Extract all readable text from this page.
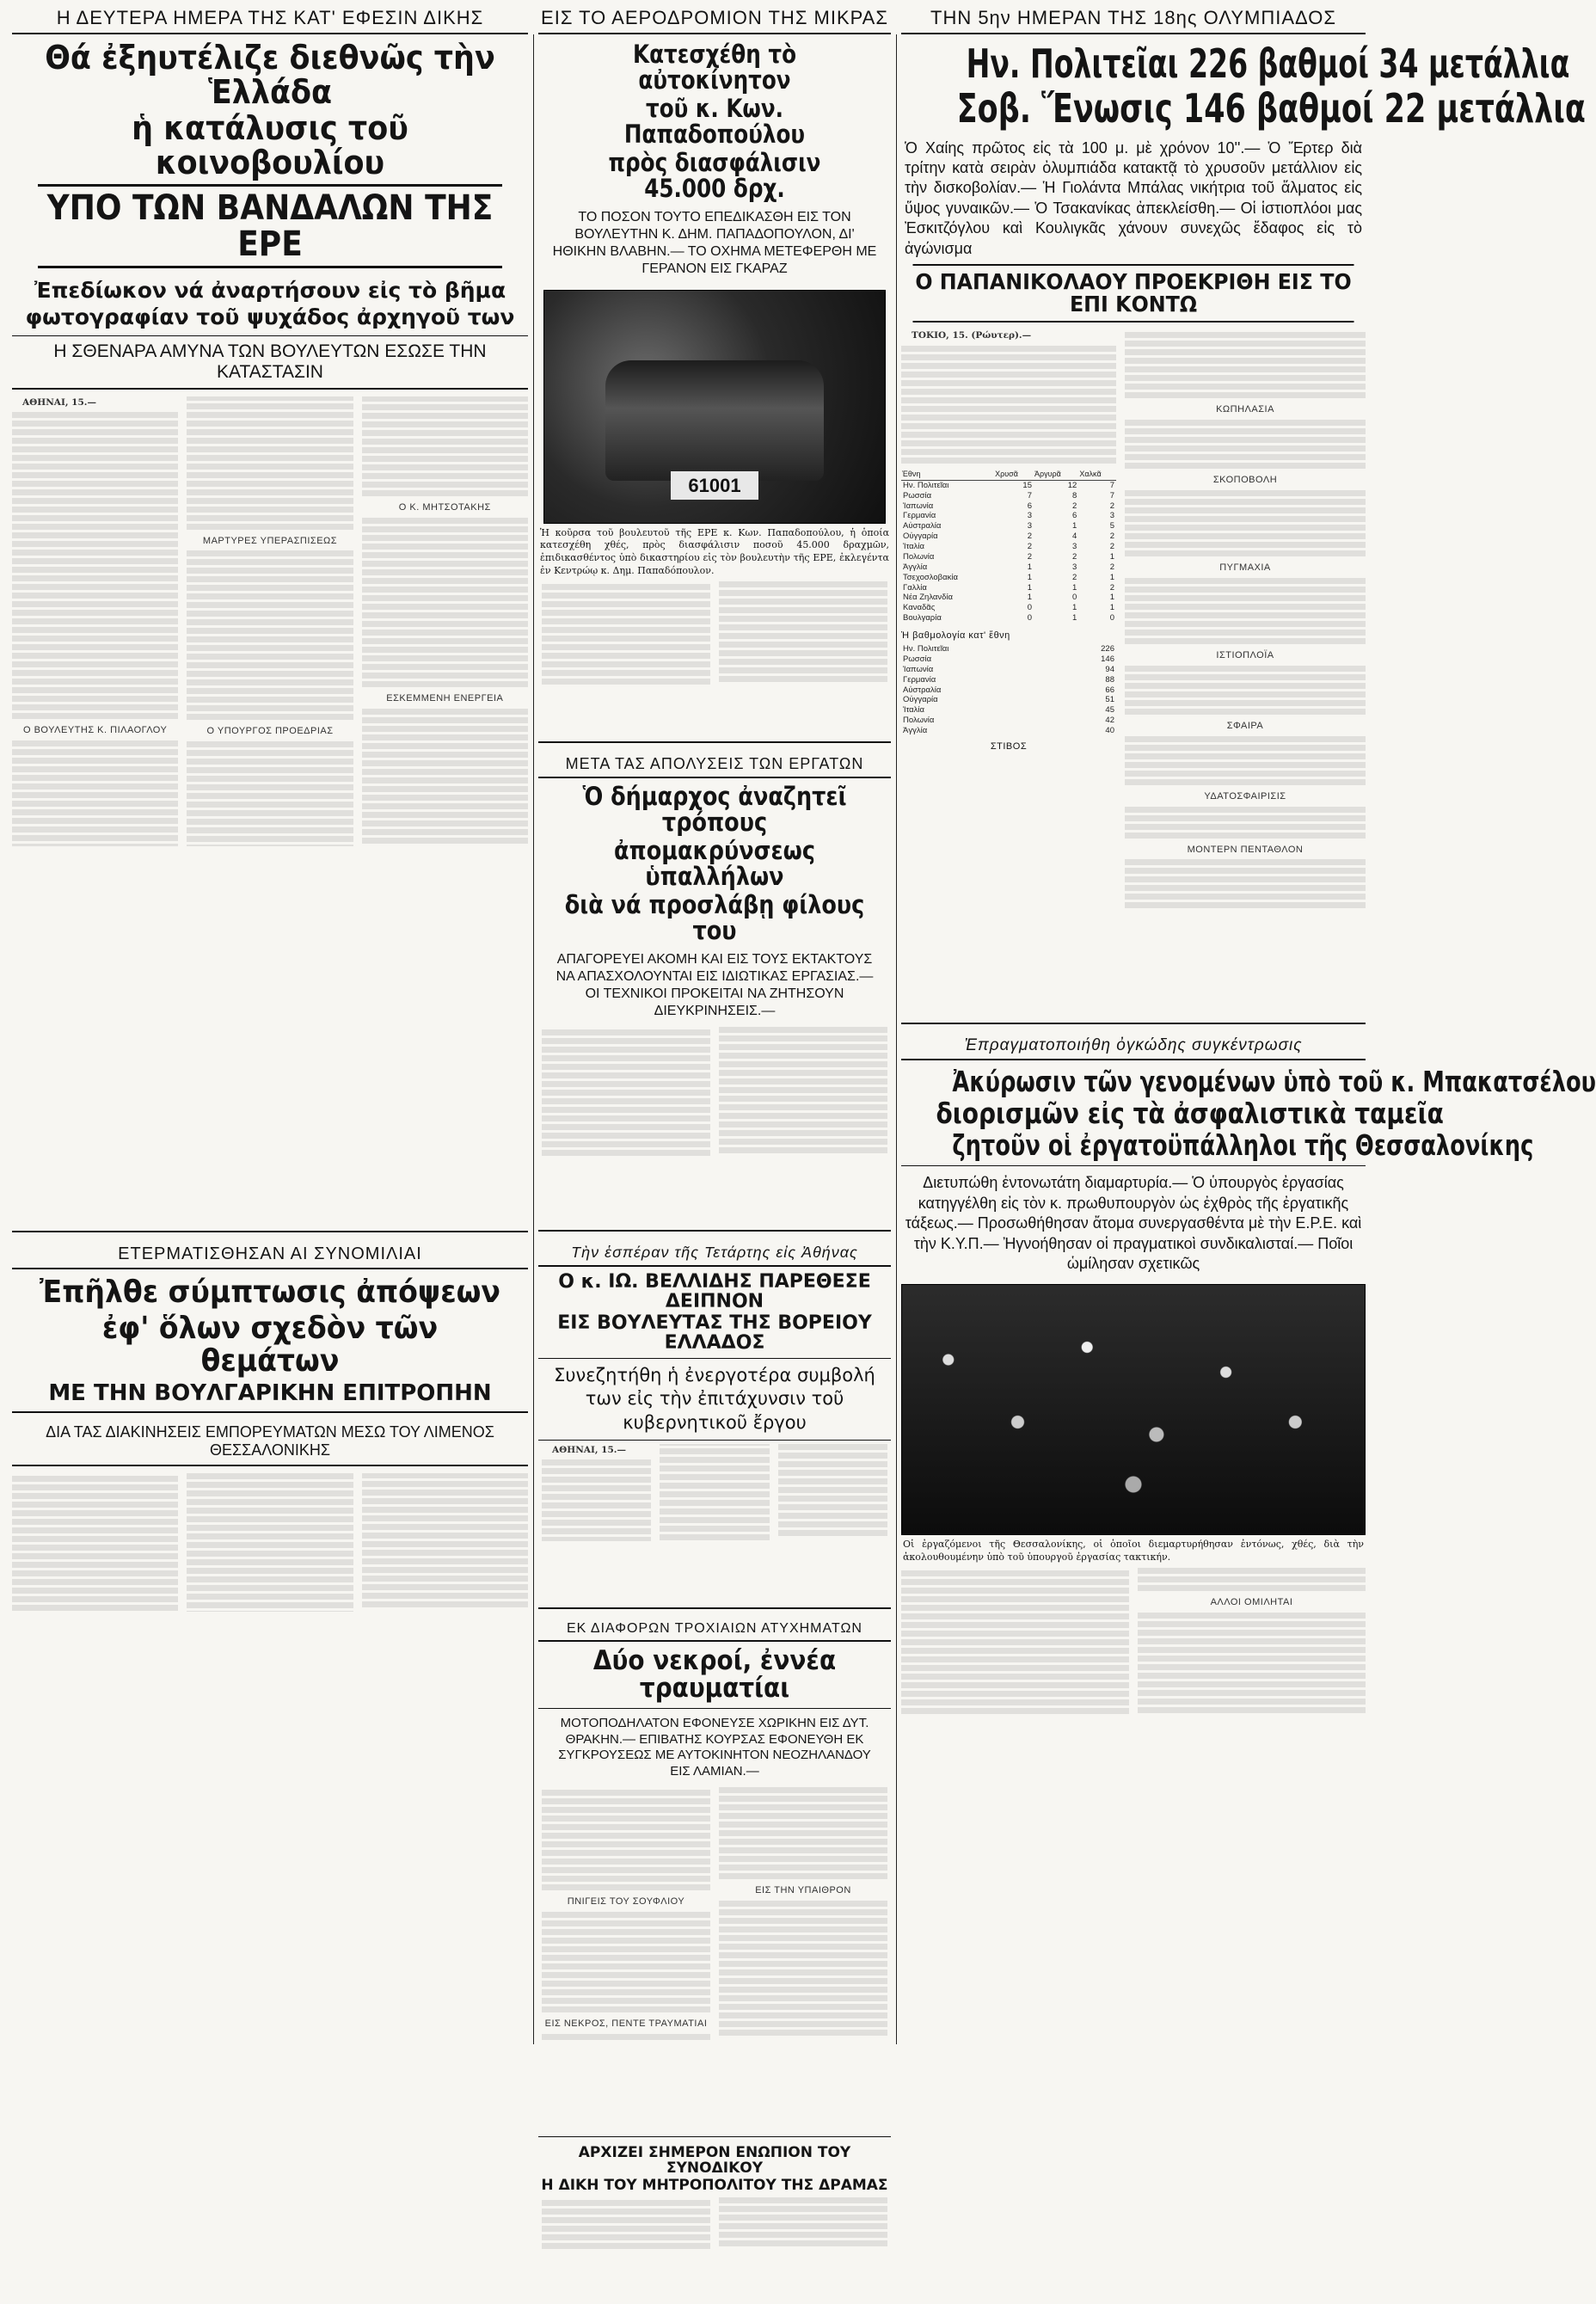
Η ΔΕΥΤΕΡΑ ΗΜΕΡΑ ΤΗΣ ΚΑΤ' ΕΦΕΣΙΝ ΔΙΚΗΣ
Θά ἐξηυτέλιζε διεθνῶς τὴν Ἑλλάδα
ἡ κατάλυσις τοῦ κοινοβουλίου
ΥΠΟ ΤΩΝ ΒΑΝΔΑΛΩΝ ΤΗΣ ΕΡΕ
Ἐπεδίωκον νά ἀναρτήσουν εἰς τὸ βῆμα φωτογραφίαν τοῦ ψυχάδος ἀρχηγοῦ των
Η ΣΘΕΝΑΡΑ ΑΜΥΝΑ ΤΩΝ ΒΟΥΛΕΥΤΩΝ ΕΣΩΣΕ ΤΗΝ ΚΑΤΑΣΤΑΣΙΝ

ΑΘΗΝΑΙ, 15.—

Ο ΒΟΥΛΕΥΤΗΣ Κ. ΠΙΛΑΟΓΛΟΥ
ΜΑΡΤΥΡΕΣ ΥΠΕΡΑΣΠΙΣΕΩΣ
Ο ΥΠΟΥΡΓΟΣ ΠΡΟΕΔΡΙΑΣ
Ο Κ. ΜΗΤΣΟΤΑΚΗΣ
ΕΣΚΕΜΜΕΝΗ ΕΝΕΡΓΕΙΑ
ΕΤΕΡΜΑΤΙΣΘΗΣΑΝ ΑΙ ΣΥΝΟΜΙΛΙΑΙ
Ἐπῆλθε σύμπτωσις ἀπόψεων
ἐφ' ὅλων σχεδὸν τῶν θεμάτων
ΜΕ ΤΗΝ ΒΟΥΛΓΑΡΙΚΗΝ ΕΠΙΤΡΟΠΗΝ
ΔΙΑ ΤΑΣ ΔΙΑΚΙΝΗΣΕΙΣ ΕΜΠΟΡΕΥΜΑΤΩΝ ΜΕΣΩ ΤΟΥ ΛΙΜΕΝΟΣ ΘΕΣΣΑΛΟΝΙΚΗΣ
ΕΙΣ ΤΟ ΑΕΡΟΔΡΟΜΙΟΝ ΤΗΣ ΜΙΚΡΑΣ
Κατεσχέθη τὸ αὐτοκίνητον
τοῦ κ. Κων. Παπαδοπούλου
πρὸς διασφάλισιν 45.000 δρχ.
ΤΟ ΠΟΣΟΝ ΤΟΥΤΟ ΕΠΕΔΙΚΑΣΘΗ ΕΙΣ ΤΟΝ ΒΟΥΛΕΥΤΗΝ Κ. ΔΗΜ. ΠΑΠΑΔΟΠΟΥΛΟΝ, ΔΙ' ΗΘΙΚΗΝ ΒΛΑΒΗΝ.— ΤΟ ΟΧΗΜΑ ΜΕΤΕΦΕΡΘΗ ΜΕ ΓΕΡΑΝΟΝ ΕΙΣ ΓΚΑΡΑΖ
61001
Ἡ κοῦρσα τοῦ βουλευτοῦ τῆς ΕΡΕ κ. Κων. Παπαδοπούλου, ἡ ὁποία κατεσχέθη χθές, πρὸς διασφάλισιν ποσοῦ 45.000 δραχμῶν, ἐπιδικασθέντος ὑπὸ δικαστηρίου εἰς τὸν βουλευτὴν τῆς ΕΡΕ, ἐκλεγέντα ἐν Κεντρώῳ κ. Δημ. Παπαδόπουλον.
ΜΕΤΑ ΤΑΣ ΑΠΟΛΥΣΕΙΣ ΤΩΝ ΕΡΓΑΤΩΝ
Ὁ δήμαρχος ἀναζητεῖ τρόπους
ἀπομακρύνσεως ὑπαλλήλων
διὰ νά προσλάβῃ φίλους του
ΑΠΑΓΟΡΕΥΕΙ ΑΚΟΜΗ ΚΑΙ ΕΙΣ ΤΟΥΣ ΕΚΤΑΚΤΟΥΣ ΝΑ ΑΠΑΣΧΟΛΟΥΝΤΑΙ ΕΙΣ ΙΔΙΩΤΙΚΑΣ ΕΡΓΑΣΙΑΣ.— ΟΙ ΤΕΧΝΙΚΟΙ ΠΡΟΚΕΙΤΑΙ ΝΑ ΖΗΤΗΣΟΥΝ ΔΙΕΥΚΡΙΝΗΣΕΙΣ.—
Τὴν ἑσπέραν τῆς Τετάρτης εἰς Ἀθήνας
Ο κ. ΙΩ. ΒΕΛΛΙΔΗΣ ΠΑΡΕΘΕΣΕ ΔΕΙΠΝΟΝ
ΕΙΣ ΒΟΥΛΕΥΤΑΣ ΤΗΣ ΒΟΡΕΙΟΥ ΕΛΛΑΔΟΣ
Συνεζητήθη ἡ ἐνεργοτέρα συμβολή των εἰς τὴν ἐπιτάχυνσιν τοῦ κυβερνητικοῦ ἔργου

ΑΘΗΝΑΙ, 15.—

ΕΚ ΔΙΑΦΟΡΩΝ ΤΡΟΧΙΑΙΩΝ ΑΤΥΧΗΜΑΤΩΝ
Δύο νεκροί, ἐννέα τραυματίαι
ΜΟΤΟΠΟΔΗΛΑΤΟΝ ΕΦΟΝΕΥΣΕ ΧΩΡΙΚΗΝ ΕΙΣ ΔΥΤ. ΘΡΑΚΗΝ.— ΕΠΙΒΑΤΗΣ ΚΟΥΡΣΑΣ ΕΦΟΝΕΥΘΗ ΕΚ ΣΥΓΚΡΟΥΣΕΩΣ ΜΕ ΑΥΤΟΚΙΝΗΤΟΝ ΝΕΟΖΗΛΑΝΔΟΥ ΕΙΣ ΛΑΜΙΑΝ.—
ΠΝΙΓΕΙΣ ΤΟΥ ΣΟΥΦΛΙΟΥ
ΕΙΣ ΝΕΚΡΟΣ, ΠΕΝΤΕ ΤΡΑΥΜΑΤΙΑΙ
ΕΙΣ ΤΗΝ ΥΠΑΙΘΡΟΝ
ΑΡΧΙΖΕΙ ΣΗΜΕΡΟΝ ΕΝΩΠΙΟΝ ΤΟΥ ΣΥΝΟΔΙΚΟΥ
Η ΔΙΚΗ ΤΟΥ ΜΗΤΡΟΠΟΛΙΤΟΥ ΤΗΣ ΔΡΑΜΑΣ
ΤΗΝ 5ην ΗΜΕΡΑΝ ΤΗΣ 18ης ΟΛΥΜΠΙΑΔΟΣ
Ην. Πολιτεῖαι 226 βαθμοί 34 μετάλλια
Σοβ. Ἕνωσις 146 βαθμοί 22 μετάλλια
Ὁ Χαίης πρῶτος εἰς τὰ 100 μ. μὲ χρόνον 10''.— Ὁ Ἔρτερ διὰ τρίτην κατὰ σειρὰν ὀλυμπιάδα κατακτᾷ τὸ χρυσοῦν μετάλλιον εἰς τὴν δισκοβολίαν.— Ἡ Γιολάντα Μπάλας νικήτρια τοῦ ἅλματος εἰς ὕψος γυναικῶν.— Ὁ Τσακανίκας ἀπεκλείσθη.— Οἱ ἱστιοπλόοι μας Ἐσκιτζόγλου καὶ Κουλιγκᾶς χάνουν συνεχῶς ἔδαφος εἰς τὸ ἀγώνισμα
Ο ΠΑΠΑΝΙΚΟΛΑΟΥ ΠΡΟΕΚΡΙΘΗ ΕΙΣ ΤΟ ΕΠΙ ΚΟΝΤΩ

ΤΟΚΙΟ, 15. (Ρώυτερ).—

Ἐθνη	Χρυσᾶ	Ἀργυρᾶ	Χαλκᾶ
Ην. Πολιτεῖαι	15	12	7
Ρωσσία	7	8	7
Ἰαπωνία	6	2	2
Γερμανία	3	6	3
Αὐστραλία	3	1	5
Οὐγγαρία	2	4	2
Ἰταλία	2	3	2
Πολωνία	2	2	1
Ἀγγλία	1	3	2
Τσεχοσλοβακία	1	2	1
Γαλλία	1	1	2
Νέα Ζηλανδία	1	0	1
Καναδᾶς	0	1	1
Βουλγαρία	0	1	0
Ἡ βαθμολογία κατ' ἔθνη
Ην. Πολιτεῖαι	226
Ρωσσία	146
Ἰαπωνία	94
Γερμανία	88
Αὐστραλία	66
Οὐγγαρία	51
Ἰταλία	45
Πολωνία	42
Ἀγγλία	40
ΣΤΙΒΟΣ
ΚΩΠΗΛΑΣΙΑ
ΣΚΟΠΟΒΟΛΗ
ΠΥΓΜΑΧΙΑ
ΙΣΤΙΟΠΛΟΪΑ
ΣΦΑΙΡΑ
ΥΔΑΤΟΣΦΑΙΡΙΣΙΣ
ΜΟΝΤΕΡΝ ΠΕΝΤΑΘΛΟΝ
Ἐπραγματοποιήθη ὀγκώδης συγκέντρωσις
Ἀκύρωσιν τῶν γενομένων ὑπὸ τοῦ κ. Μπακατσέλου
διορισμῶν εἰς τὰ ἀσφαλιστικὰ ταμεῖα
ζητοῦν οἱ ἐργατοϋπάλληλοι τῆς Θεσσαλονίκης
Διετυπώθη ἐντονωτάτη διαμαρτυρία.— Ὁ ὑπουργὸς ἐργασίας κατηγγέλθη εἰς τὸν κ. πρωθυπουργὸν ὡς ἐχθρὸς τῆς ἐργατικῆς τάξεως.— Προσωθήθησαν ἄτομα συνεργασθέντα μὲ τὴν Ε.Ρ.Ε. καὶ τὴν Κ.Υ.Π.— Ἠγνοήθησαν οἱ πραγματικοὶ συνδικαλισταί.— Ποῖοι ὡμίλησαν σχετικῶς
Οἱ ἐργαζόμενοι τῆς Θεσσαλονίκης, οἱ ὁποῖοι διεμαρτυρήθησαν ἐντόνως, χθές, διὰ τὴν ἀκολουθουμένην ὑπὸ τοῦ ὑπουργοῦ ἐργασίας τακτικήν.
ΑΛΛΟΙ ΟΜΙΛΗΤΑΙ
